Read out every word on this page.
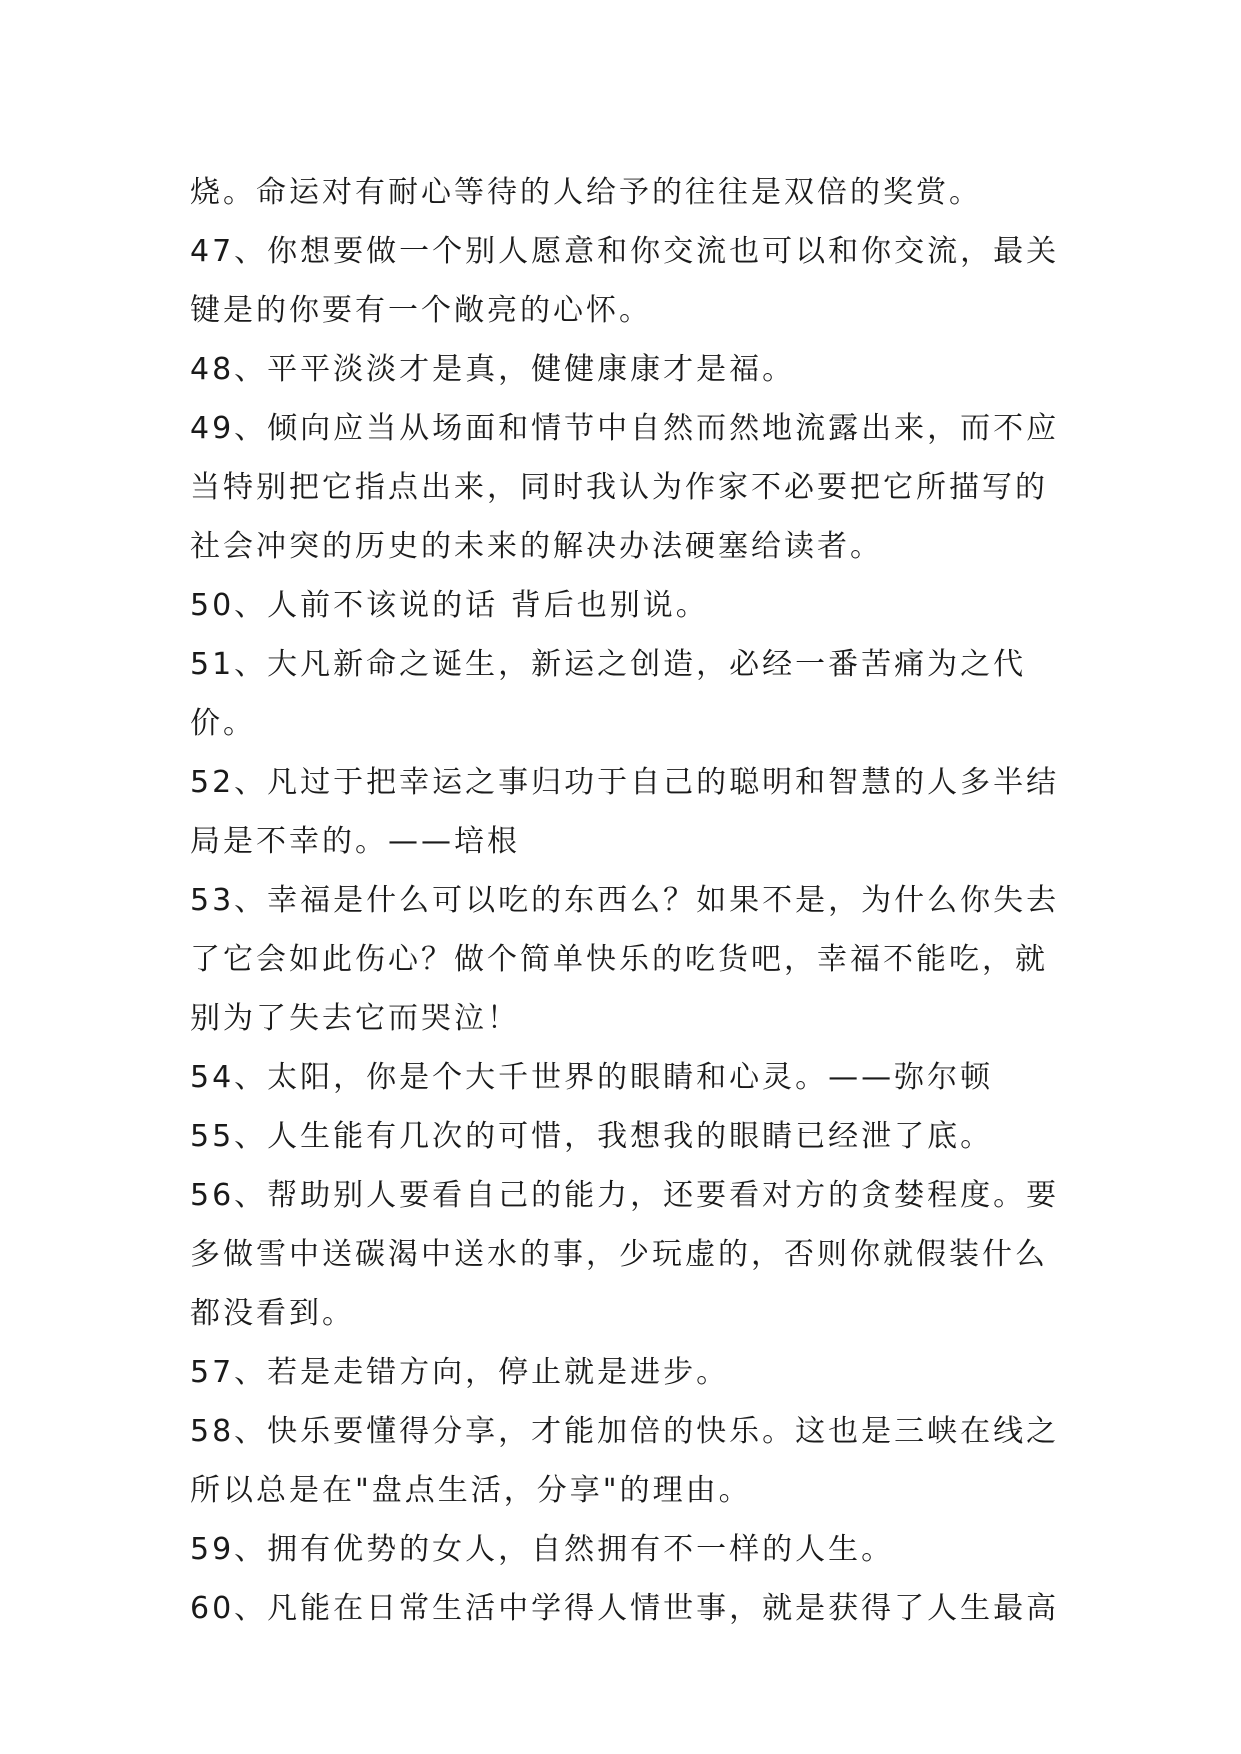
烧。命运对有耐心等待的人给予的往往是双倍的奖赏。

47、你想要做一个别人愿意和你交流也可以和你交流，最关键是的你要有一个敞亮的心怀。

48、平平淡淡才是真，健健康康才是福。

49、倾向应当从场面和情节中自然而然地流露出来，而不应当特别把它指点出来，同时我认为作家不必要把它所描写的社会冲突的历史的未来的解决办法硬塞给读者。

50、人前不该说的话 背后也别说。

51、大凡新命之诞生，新运之创造，必经一番苦痛为之代价。

52、凡过于把幸运之事归功于自己的聪明和智慧的人多半结局是不幸的。——培根

53、幸福是什么可以吃的东西么？如果不是，为什么你失去了它会如此伤心？做个简单快乐的吃货吧，幸福不能吃，就别为了失去它而哭泣！

54、太阳，你是个大千世界的眼睛和心灵。——弥尔顿

55、人生能有几次的可惜，我想我的眼睛已经泄了底。

56、帮助别人要看自己的能力，还要看对方的贪婪程度。要多做雪中送碳渴中送水的事，少玩虚的，否则你就假装什么都没看到。

57、若是走错方向，停止就是进步。

58、快乐要懂得分享，才能加倍的快乐。这也是三峡在线之所以总是在"盘点生活，分享"的理由。

59、拥有优势的女人，自然拥有不一样的人生。

60、凡能在日常生活中学得人情世事，就是获得了人生最高
